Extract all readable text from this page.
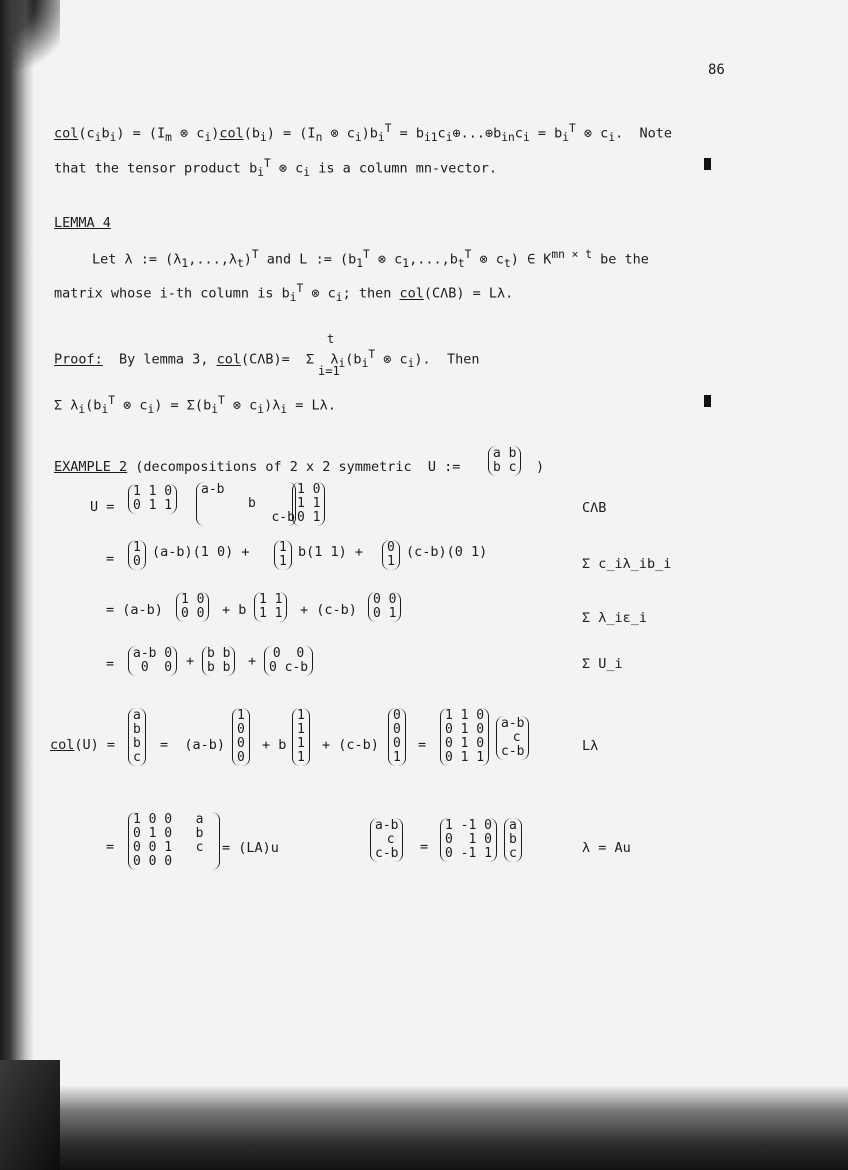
86
$col(c_ib_i) = (I_m$ ⊗ $c_i)col(b_i) = (I_n$ ⊗ $c_i)b_i^T$ = $b_{i1}c_i\oplus...\oplus b_{in}c_i = b_i^T$ ⊗ $c_i$.  Note
that the tensor product $b_i^T$ ⊗ $c_i$ is a column mn-vector.
LEMMA 4
Let λ := $(\lambda_1,...,\lambda_t)^T$ and L := ($b_1^T$ ⊗ $c_1,...,b_t^T$ ⊗ $c_t$) ∈ $K^{mn \times t}$ be the
matrix whose i-th column is $b_i^T$ ⊗ $c_i$; then col(CΛB) = Lλ.
Proof:  By lemma 3, col(CΛB)=  Σ  $\lambda_i(b_i^T$ ⊗ $c_i$).  Then
t
i=1
Σ $\lambda_i(b_i^T$ ⊗ $c_i) = \Sigma(b_i^T$ ⊗ $c_i)\lambda_i = L\lambda$.
EXAMPLE 2 (decompositions of 2 x 2 symmetric  U :=
a b
b c )
U =
1 1 0
0 1 1
a-b
b
c-b
1 0
1 1
0 1
CΛB
=
1
0
(a-b)(1 0) + 1
1
b(1 1) + 0
1
(c-b)(0 1)
Σ c_iλ_ib_i
= (a-b)
1 0
0 0 + b
1 1
1 1 + (c-b)
0 0
0 1	Σ λ_iε_i
=
a-b 0
0  0 + b b
b b +	0  0
0 c-b	Σ U_i
col(U) =
a
b
b
c
=  (a-b)
1
0
0
0
+ b
1
1
1
1
+ (c-b)
0
0
0
1
=
1 1 0
0 1 0
0 1 0
0 1 1
a-b
c
c-b	Lλ
=
1 0 0   a
0 1 0   b
0 0 1   c
0 0 0
= (LA)u
a-b
c
c-b =
1 -1 0
0  1 0
0 -1 1
a
b
c	λ = Au
